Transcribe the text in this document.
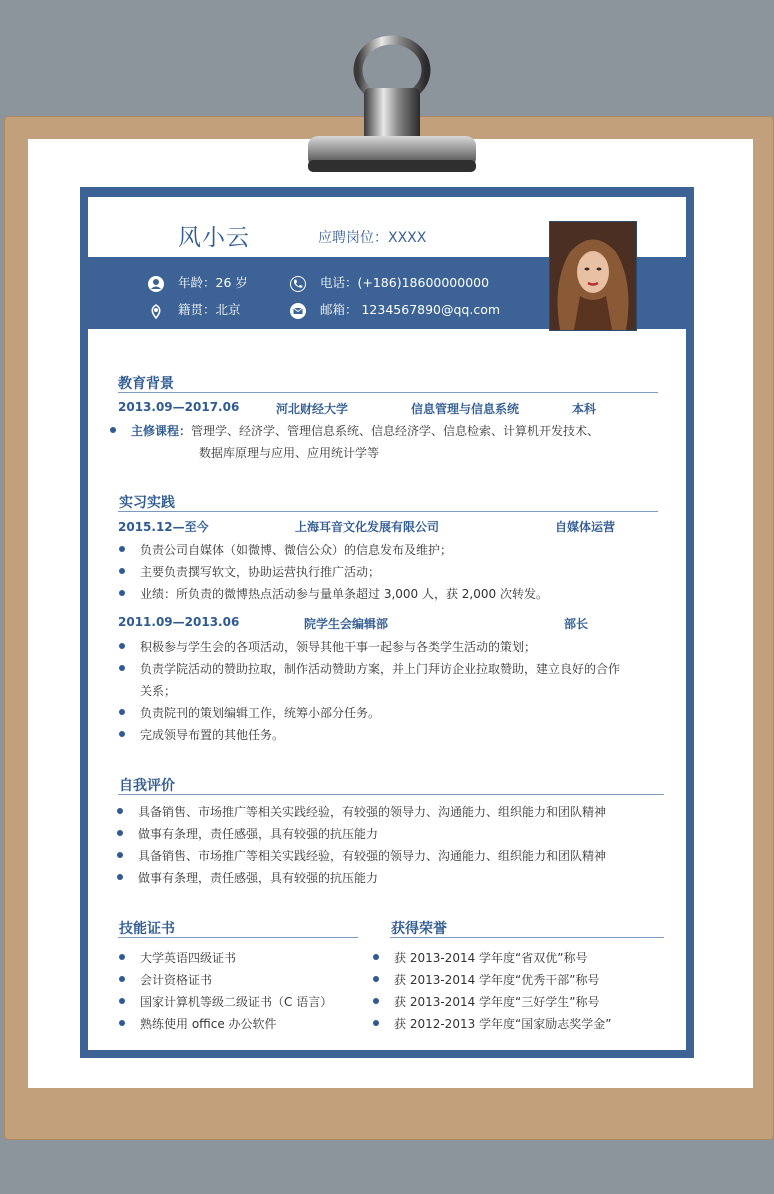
风小云	应聘岗位：XXXX
年龄：26 岁
籍贯：北京
电话：(+186)18600000000
邮箱： 1234567890@qq.com
教育背景
2013.09—2017.06	河北财经大学	信息管理与信息系统	本科
主修课程：管理学、经济学、管理信息系统、信息经济学、信息检索、计算机开发技术、
数据库原理与应用、应用统计学等
实习实践
2015.12—至今	上海耳音文化发展有限公司	自媒体运营
负责公司自媒体（如微博、微信公众）的信息发布及维护；
主要负责撰写软文，协助运营执行推广活动；
业绩：所负责的微博热点活动参与量单条超过 3,000 人，获 2,000 次转发。
2011.09—2013.06	院学生会编辑部	部长
积极参与学生会的各项活动，领导其他干事一起参与各类学生活动的策划；
负责学院活动的赞助拉取，制作活动赞助方案，并上门拜访企业拉取赞助，建立良好的合作
关系；
负责院刊的策划编辑工作，统筹小部分任务。
完成领导布置的其他任务。
自我评价
具备销售、市场推广等相关实践经验，有较强的领导力、沟通能力、组织能力和团队精神
做事有条理，责任感强，具有较强的抗压能力
具备销售、市场推广等相关实践经验，有较强的领导力、沟通能力、组织能力和团队精神
做事有条理，责任感强，具有较强的抗压能力
技能证书
大学英语四级证书
会计资格证书
国家计算机等级二级证书（C 语言）
熟练使用 office 办公软件
获得荣誉
获 2013-2014 学年度“省双优”称号
获 2013-2014 学年度“优秀干部”称号
获 2013-2014 学年度“三好学生”称号
获 2012-2013 学年度“国家励志奖学金”
